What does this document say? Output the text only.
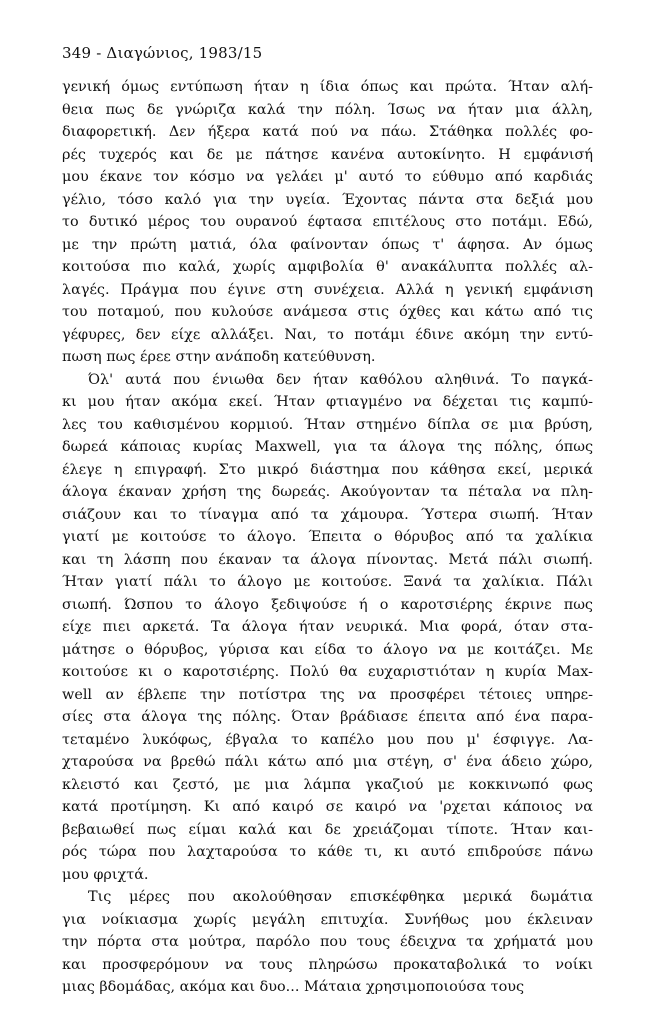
349 - Διαγώνιος, 1983/15
γενική όμως εντύπωση ήταν η ίδια όπως και πρώτα. Ήταν αλή-
θεια πως δε γνώριζα καλά την πόλη. Ίσως να ήταν μια άλλη,
διαφορετική. Δεν ήξερα κατά πού να πάω. Στάθηκα πολλές φο-
ρές τυχερός και δε με πάτησε κανένα αυτοκίνητο. Η εμφάνισή
μου έκανε τον κόσμο να γελάει μ' αυτό το εύθυμο από καρδιάς
γέλιο, τόσο καλό για την υγεία. Έχοντας πάντα στα δεξιά μου
το δυτικό μέρος του ουρανού έφτασα επιτέλους στο ποτάμι. Εδώ,
με την πρώτη ματιά, όλα φαίνονταν όπως τ' άφησα. Αν όμως
κοιτούσα πιο καλά, χωρίς αμφιβολία θ' ανακάλυπτα πολλές αλ-
λαγές. Πράγμα που έγινε στη συνέχεια. Αλλά η γενική εμφάνιση
του ποταμού, που κυλούσε ανάμεσα στις όχθες και κάτω από τις
γέφυρες, δεν είχε αλλάξει. Ναι, το ποτάμι έδινε ακόμη την εντύ-
πωση πως έρεε στην ανάποδη κατεύθυνση.
Όλ' αυτά που ένιωθα δεν ήταν καθόλου αληθινά. Το παγκά-
κι μου ήταν ακόμα εκεί. Ήταν φτιαγμένο να δέχεται τις καμπύ-
λες του καθισμένου κορμιού. Ήταν στημένο δίπλα σε μια βρύση,
δωρεά κάποιας κυρίας Maxwell, για τα άλογα της πόλης, όπως
έλεγε η επιγραφή. Στο μικρό διάστημα που κάθησα εκεί, μερικά
άλογα έκαναν χρήση της δωρεάς. Ακούγονταν τα πέταλα να πλη-
σιάζουν και το τίναγμα από τα χάμουρα. Ύστερα σιωπή. Ήταν
γιατί με κοιτούσε το άλογο. Έπειτα ο θόρυβος από τα χαλίκια
και τη λάσπη που έκαναν τα άλογα πίνοντας. Μετά πάλι σιωπή.
Ήταν γιατί πάλι το άλογο με κοιτούσε. Ξανά τα χαλίκια. Πάλι
σιωπή. Ώσπου το άλογο ξεδιψούσε ή ο καροτσιέρης έκρινε πως
είχε πιει αρκετά. Τα άλογα ήταν νευρικά. Μια φορά, όταν στα-
μάτησε ο θόρυβος, γύρισα και είδα το άλογο να με κοιτάζει. Με
κοιτούσε κι ο καροτσιέρης. Πολύ θα ευχαριστιόταν η κυρία Max-
well αν έβλεπε την ποτίστρα της να προσφέρει τέτοιες υπηρε-
σίες στα άλογα της πόλης. Όταν βράδιασε έπειτα από ένα παρα-
τεταμένο λυκόφως, έβγαλα το καπέλο μου που μ' έσφιγγε. Λα-
χταρούσα να βρεθώ πάλι κάτω από μια στέγη, σ' ένα άδειο χώρο,
κλειστό και ζεστό, με μια λάμπα γκαζιού με κοκκινωπό φως
κατά προτίμηση. Κι από καιρό σε καιρό να 'ρχεται κάποιος να
βεβαιωθεί πως είμαι καλά και δε χρειάζομαι τίποτε. Ήταν και-
ρός τώρα που λαχταρούσα το κάθε τι, κι αυτό επιδρούσε πάνω
μου φριχτά.
Τις μέρες που ακολούθησαν επισκέφθηκα μερικά δωμάτια
για νοίκιασμα χωρίς μεγάλη επιτυχία. Συνήθως μου έκλειναν
την πόρτα στα μούτρα, παρόλο που τους έδειχνα τα χρήματά μου
και προσφερόμουν να τους πληρώσω προκαταβολικά το νοίκι
μιας βδομάδας, ακόμα και δυο... Μάταια χρησιμοποιούσα τους
